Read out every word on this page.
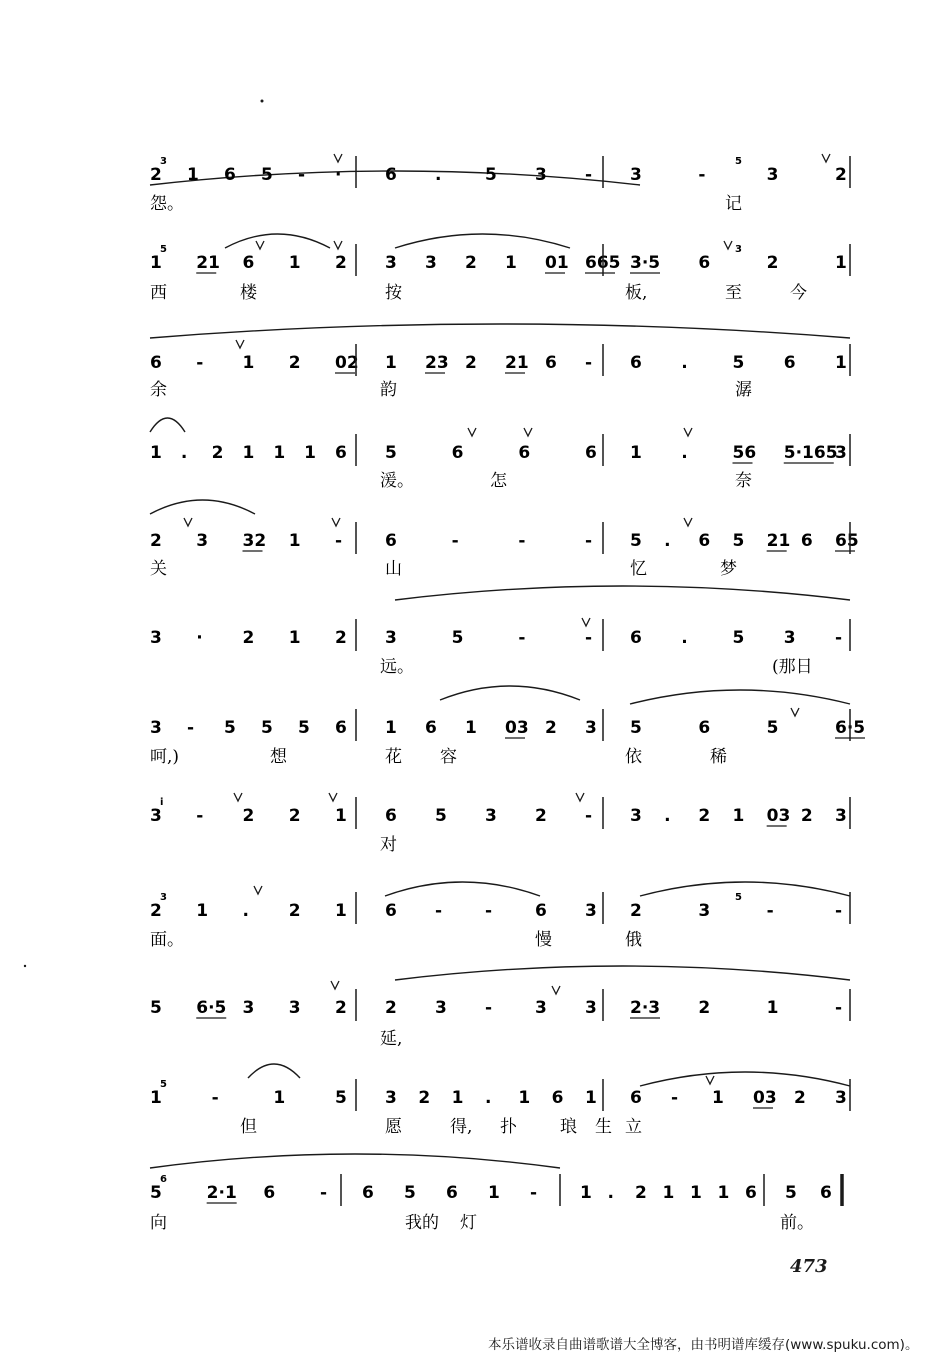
2 1 6 5 - ·	6 .	5 3 - 3	-	3	2
3	5
怨。	记
1 21 6 1 2 3 3 2 1 01 665 3·5 6	2	1
5	3
西	楼	按	板,	至	今
6 - 1 2 02 1 23 2 21 6 - 6 .	5 6 1
余	韵	潺
1 . 2 1 1 1 6 5	6	6	6 1 .	56 5·165
3
湲。	怎	奈
2 3 32 1 -	6	-	-	- 5 . 6 5 21 6 65
关	山	忆	梦
3 · 2 1 2 3	5	-	- 6 .	5 3 -
远。	(那日
3 - 5 5 5 6 1 6 1 03 2 3 5	6	5	6·5
呵,)	想	花 容	依	稀
3 - 2 2 1 6 5 3 2 - 3 . 2 1 03 2 3
i
对
2 1 . 2 1 6 -	-	6 3 2	3	-	-
3	5
面。	慢	俄
5 6·5 3 3 2 2 3 -	3 3 2·3 2	1	-
延,
1	-	1	5 3 2 1 . 1 6 1 6 - 1 03 2 3
5
但	愿	得, 扑	琅 生 立
5	2·1 6	- 6 5 6 1 -	1 . 2 1 1 1 6 5 6
6
向	我的 灯	前。
473
本乐谱收录自曲谱歌谱大全博客，由书明谱库缓存(www.spuku.com)。
